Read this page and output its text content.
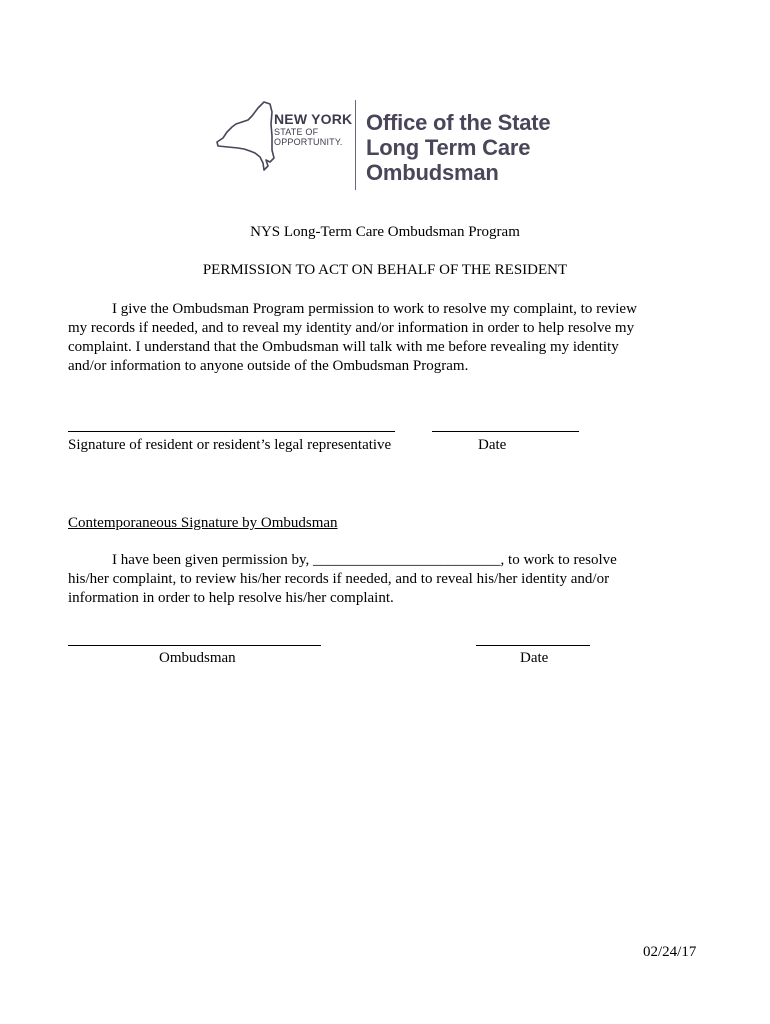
NEW YORK
STATE OF
OPPORTUNITY.
Office of the State
Long Term Care
Ombudsman
NYS Long-Term Care Ombudsman Program
PERMISSION TO ACT ON BEHALF OF THE RESIDENT
I give the Ombudsman Program permission to work to resolve my complaint, to review
my records if needed, and to reveal my identity and/or information in order to help resolve my
complaint. I understand that the Ombudsman will talk with me before revealing my identity
and/or information to anyone outside of the Ombudsman Program.
Signature of resident or resident’s legal representative	Date
Contemporaneous Signature by Ombudsman
I have been given permission by, _________________________, to work to resolve
his/her complaint, to review his/her records if needed, and to reveal his/her identity and/or
information in order to help resolve his/her complaint.
Ombudsman	Date
02/24/17
